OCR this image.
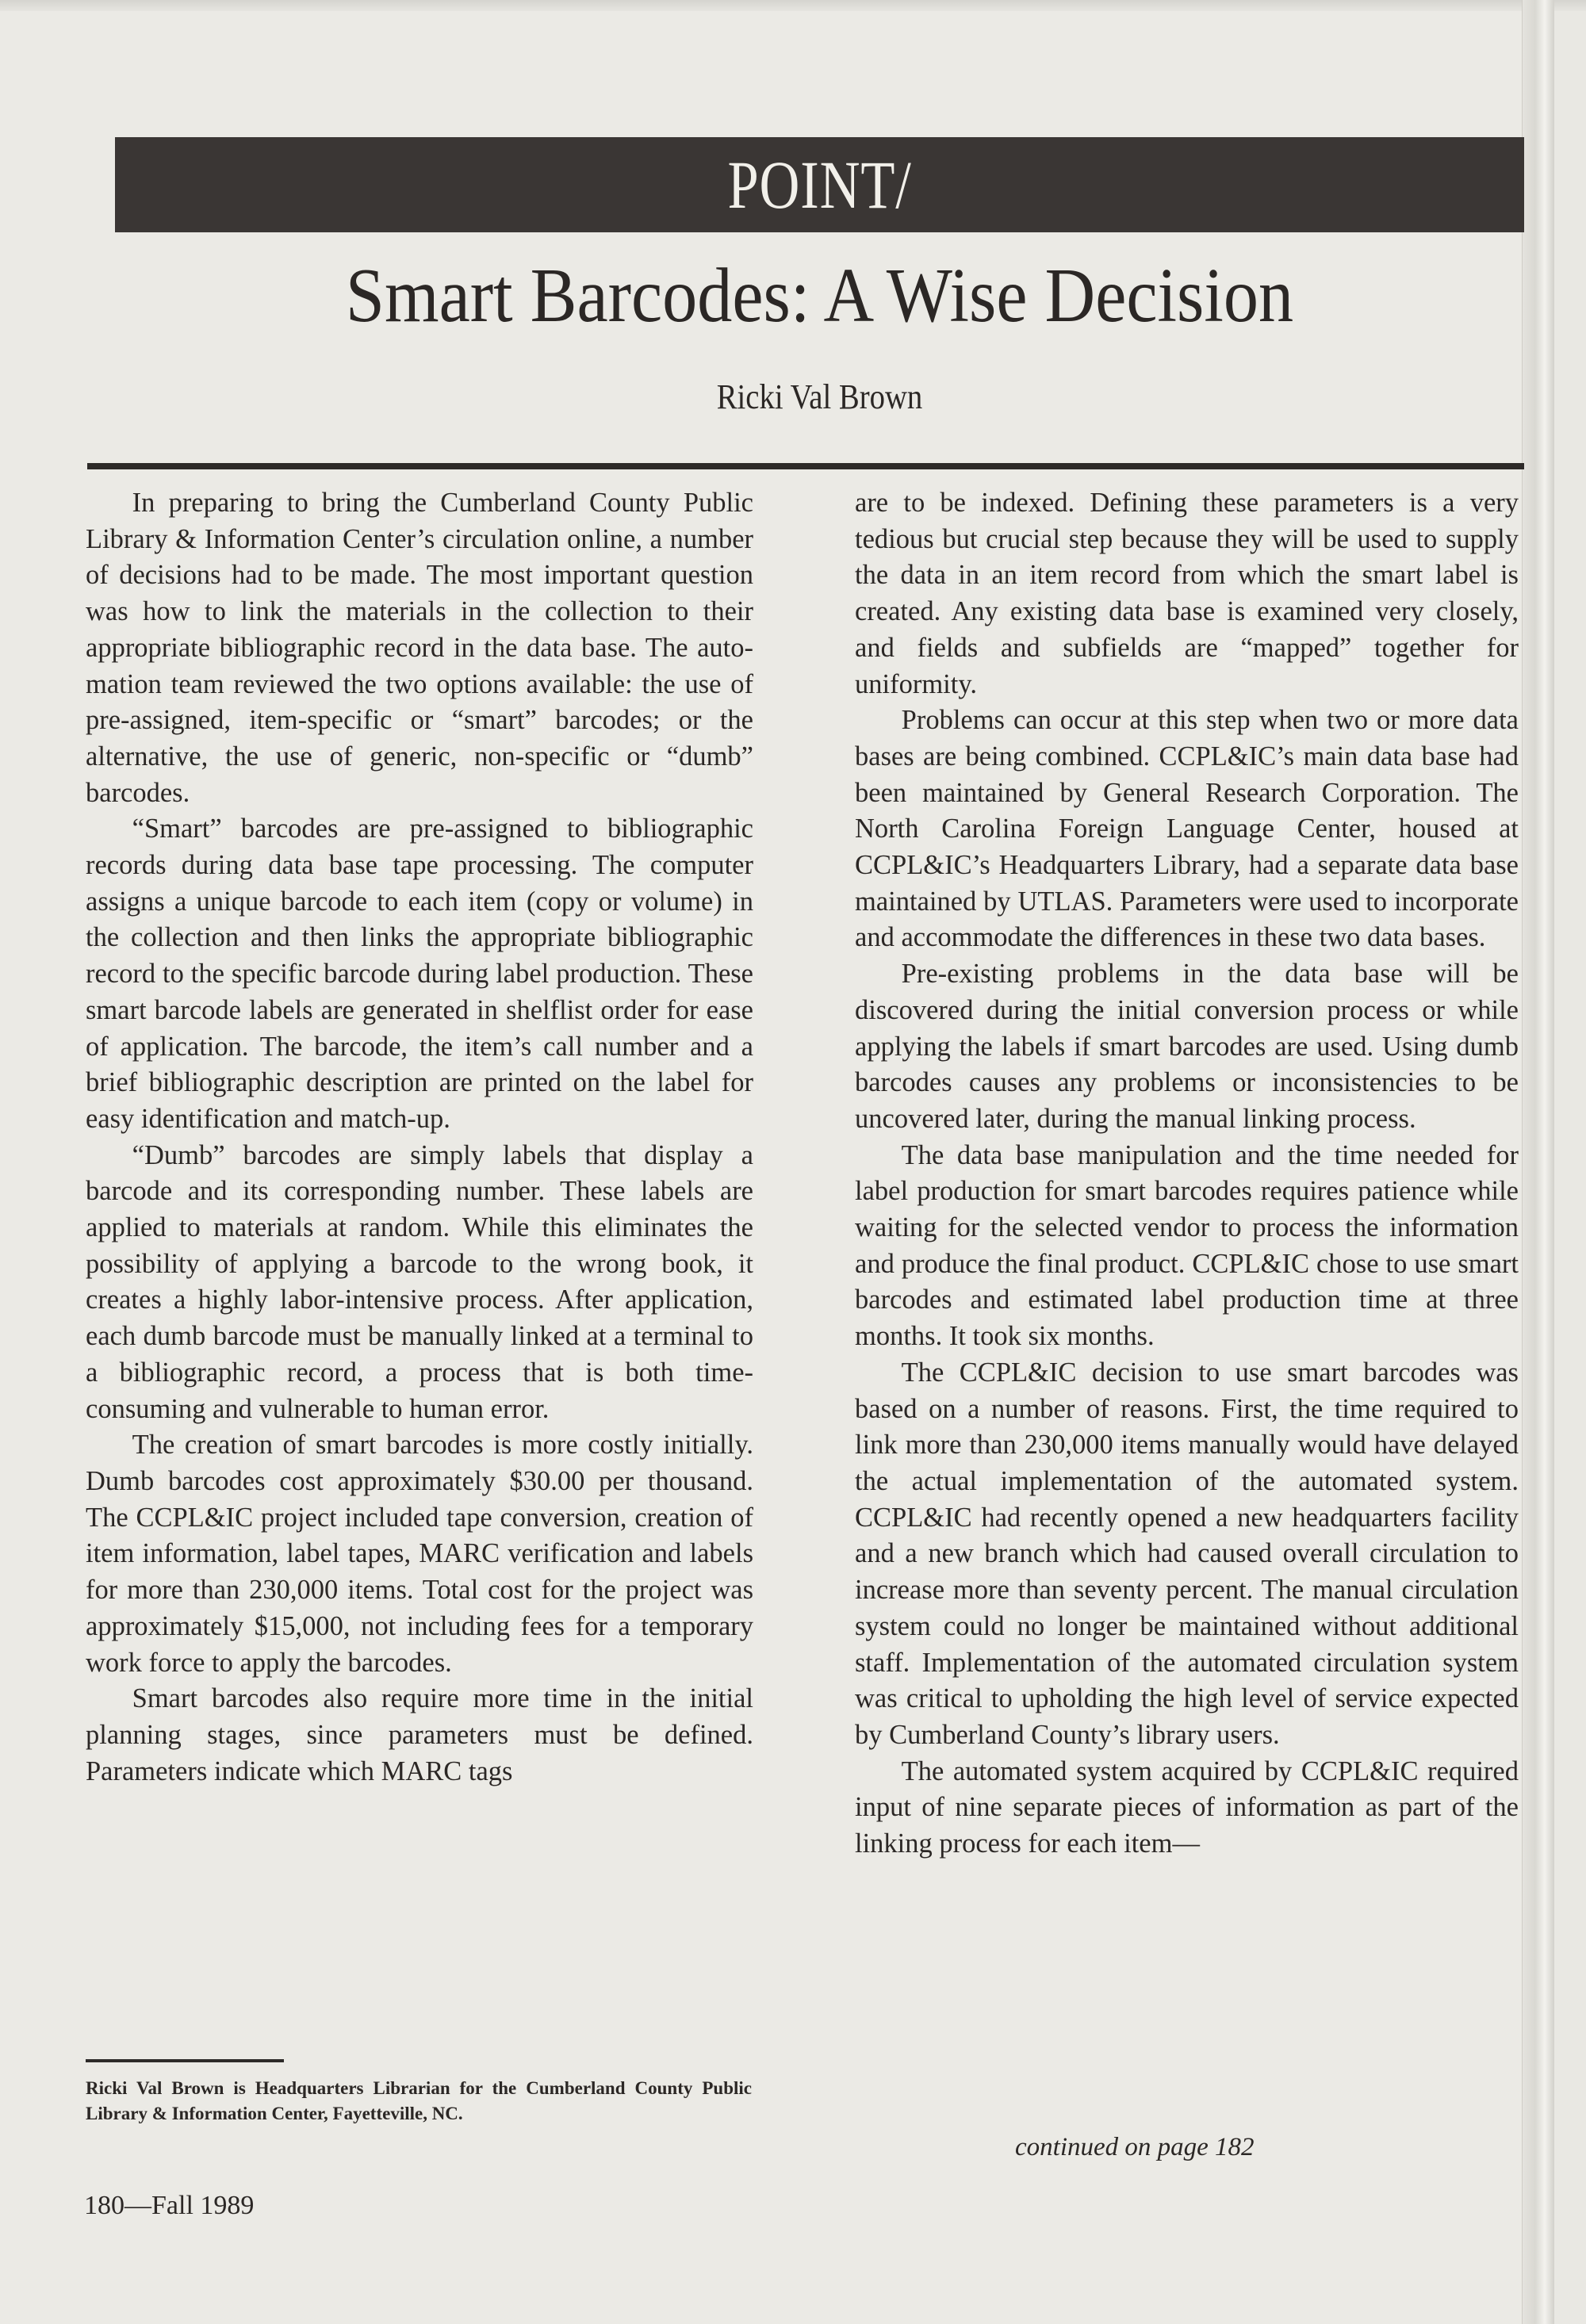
POINT/
Smart Barcodes: A Wise Decision
Ricki Val Brown

In preparing to bring the Cumberland County Public Library & Information Center’s circulation online, a number of decisions had to be made. The most important question was how to link the materials in the collection to their appropriate bibliographic record in the data base. The automation team reviewed the two options available: the use of pre-assigned, item-specific or “smart” barcodes; or the alternative, the use of generic, non-specific or “dumb” barcodes.

“Smart” barcodes are pre-assigned to bibliographic records during data base tape processing. The computer assigns a unique barcode to each item (copy or volume) in the collection and then links the appropriate bibliographic record to the specific barcode during label production. These smart barcode labels are generated in shelflist order for ease of application. The barcode, the item’s call number and a brief bibliographic description are printed on the label for easy identification and match-up.

“Dumb” barcodes are simply labels that display a barcode and its corresponding number. These labels are applied to materials at random. While this eliminates the possibility of applying a barcode to the wrong book, it creates a highly labor-intensive process. After application, each dumb barcode must be manually linked at a terminal to a bibliographic record, a process that is both time-consuming and vulnerable to human error.

The creation of smart barcodes is more costly initially. Dumb barcodes cost approximately $30.00 per thousand. The CCPL&IC project included tape conversion, creation of item information, label tapes, MARC verification and labels for more than 230,000 items. Total cost for the project was approximately $15,000, not including fees for a temporary work force to apply the barcodes.

Smart barcodes also require more time in the initial planning stages, since parameters must be defined. Parameters indicate which MARC tags

are to be indexed. Defining these parameters is a very tedious but crucial step because they will be used to supply the data in an item record from which the smart label is created. Any existing data base is examined very closely, and fields and subfields are “mapped” together for uniformity.

Problems can occur at this step when two or more data bases are being combined. CCPL&IC’s main data base had been maintained by General Research Corporation. The North Carolina Foreign Language Center, housed at CCPL&IC’s Headquarters Library, had a separate data base maintained by UTLAS. Parameters were used to incorporate and accommodate the differences in these two data bases.

Pre-existing problems in the data base will be discovered during the initial conversion process or while applying the labels if smart barcodes are used. Using dumb barcodes causes any problems or inconsistencies to be uncovered later, during the manual linking process.

The data base manipulation and the time needed for label production for smart barcodes requires patience while waiting for the selected vendor to process the information and produce the final product. CCPL&IC chose to use smart barcodes and estimated label production time at three months. It took six months.

The CCPL&IC decision to use smart barcodes was based on a number of reasons. First, the time required to link more than 230,000 items manually would have delayed the actual implementation of the automated system. CCPL&IC had recently opened a new headquarters facility and a new branch which had caused overall circulation to increase more than seventy percent. The manual circulation system could no longer be maintained without additional staff. Implementation of the automated circulation system was critical to upholding the high level of service expected by Cumberland County’s library users.

The automated system acquired by CCPL&IC required input of nine separate pieces of information as part of the linking process for each item—

Ricki Val Brown is Headquarters Librarian for the Cumberland County Public Library & Information Center, Fayetteville, NC.
continued on page 182
180—Fall 1989
